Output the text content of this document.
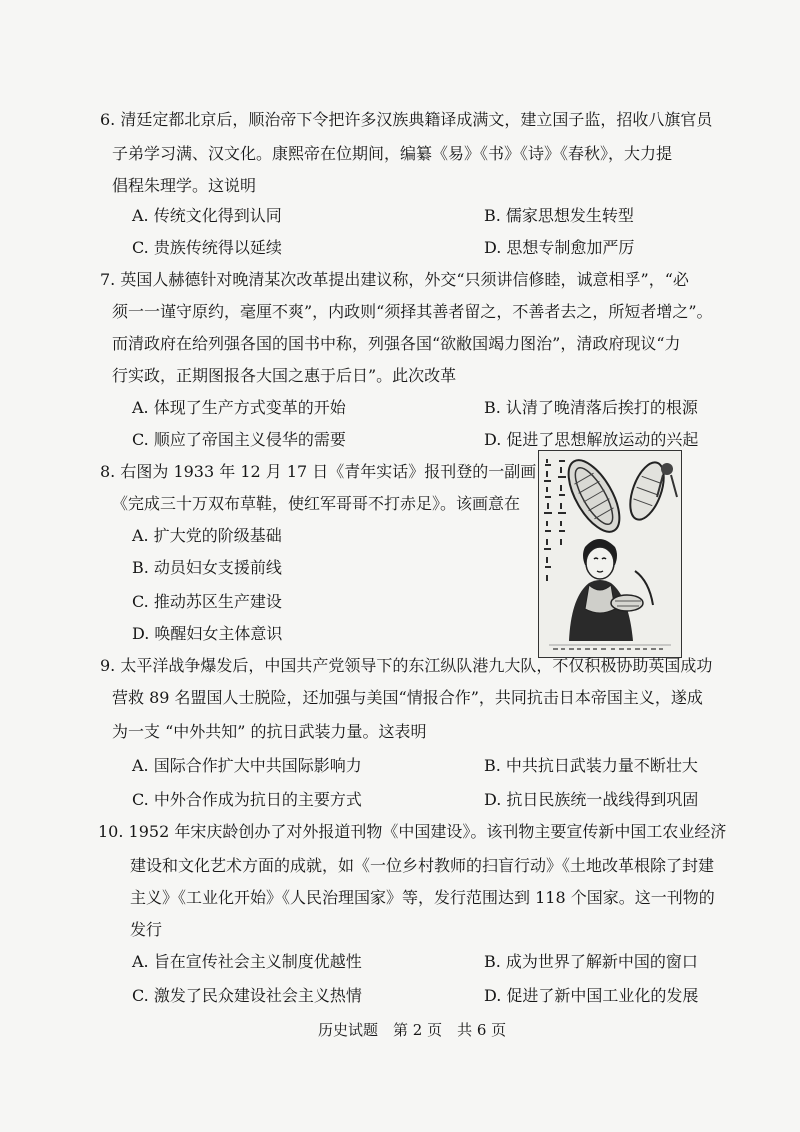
6. 清廷定都北京后，顺治帝下令把许多汉族典籍译成满文，建立国子监，招收八旗官员
子弟学习满、汉文化。康熙帝在位期间，编纂《易》《书》《诗》《春秋》，大力提
倡程朱理学。这说明
A. 传统文化得到认同	B. 儒家思想发生转型
C. 贵族传统得以延续	D. 思想专制愈加严厉
7. 英国人赫德针对晚清某次改革提出建议称，外交“只须讲信修睦，诚意相孚”，“必
须一一谨守原约，毫厘不爽”，内政则“须择其善者留之，不善者去之，所短者增之”。
而清政府在给列强各国的国书中称，列强各国“欲敝国竭力图治”，清政府现议“力
行实政，正期图报各大国之惠于后日”。此次改革
A. 体现了生产方式变革的开始	B. 认清了晚清落后挨打的根源
C. 顺应了帝国主义侵华的需要	D. 促进了思想解放运动的兴起
8. 右图为 1933 年 12 月 17 日《青年实话》报刊登的一副画
《完成三十万双布草鞋，使红军哥哥不打赤足》。该画意在
A. 扩大党的阶级基础
B. 动员妇女支援前线
C. 推动苏区生产建设
D. 唤醒妇女主体意识
9. 太平洋战争爆发后，中国共产党领导下的东江纵队港九大队，不仅积极协助英国成功
营救 89 名盟国人士脱险，还加强与美国“情报合作”，共同抗击日本帝国主义，遂成
为一支 “中外共知” 的抗日武装力量。这表明
A. 国际合作扩大中共国际影响力	B. 中共抗日武装力量不断壮大
C. 中外合作成为抗日的主要方式	D. 抗日民族统一战线得到巩固
10. 1952 年宋庆龄创办了对外报道刊物《中国建设》。该刊物主要宣传新中国工农业经济
建设和文化艺术方面的成就，如《一位乡村教师的扫盲行动》《土地改革根除了封建
主义》《工业化开始》《人民治理国家》等，发行范围达到 118 个国家。这一刊物的
发行
A. 旨在宣传社会主义制度优越性	B. 成为世界了解新中国的窗口
C. 激发了民众建设社会主义热情	D. 促进了新中国工业化的发展
历史试题　第 2 页　共 6 页
